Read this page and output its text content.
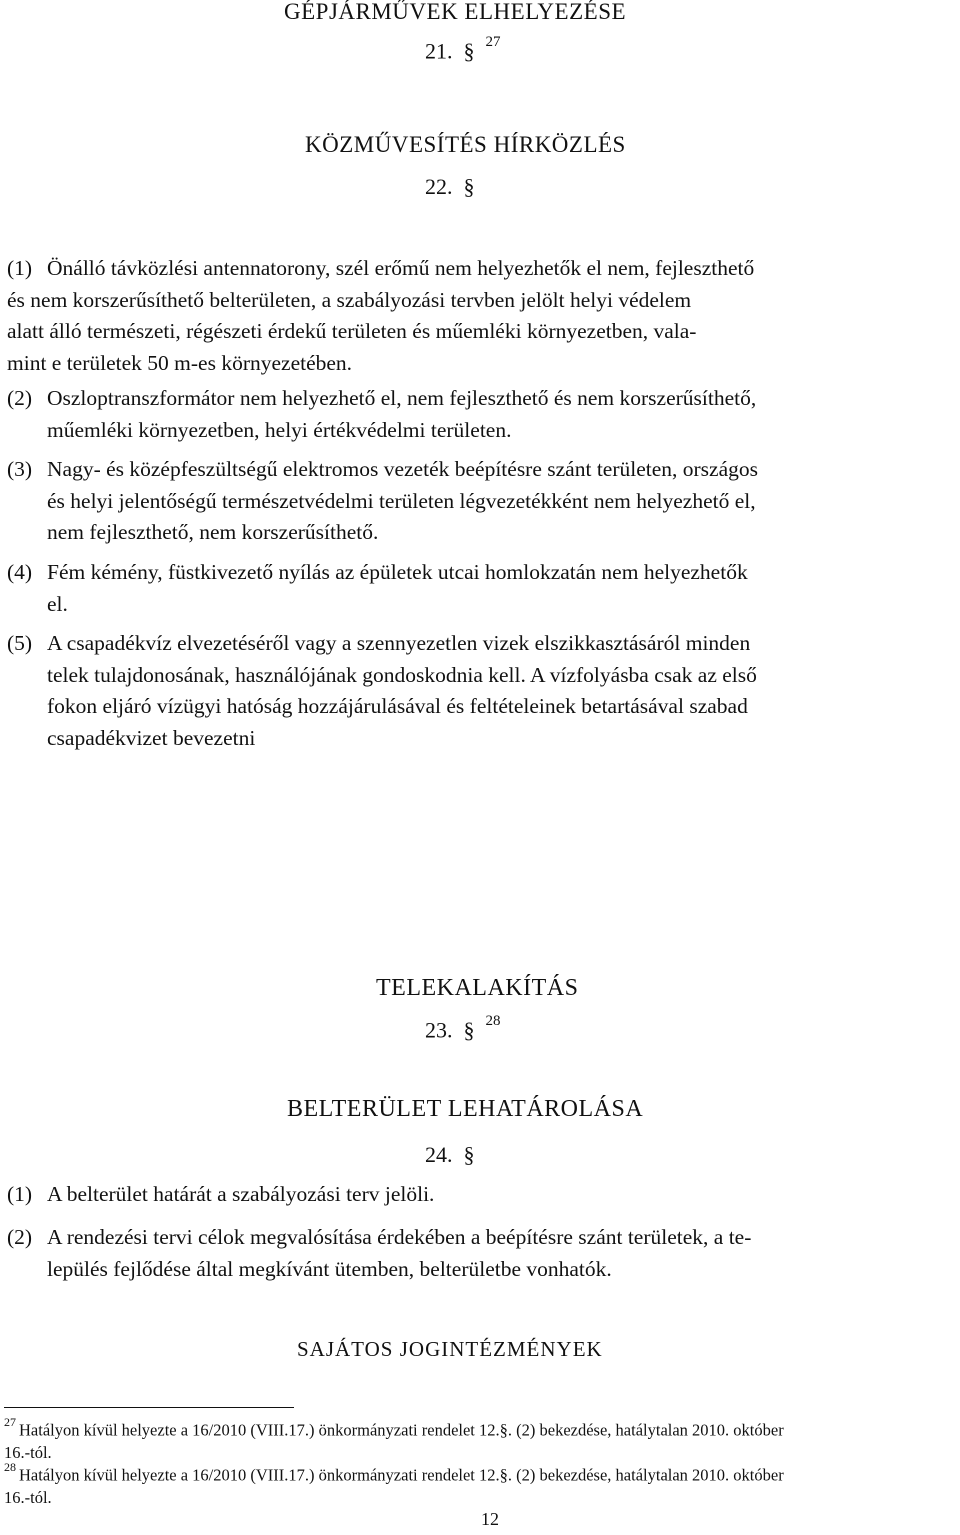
GÉPJÁRMŰVEK ELHELYEZÉSE
21. § $^{27}$
KÖZMŰVESÍTÉS HÍRKÖZLÉS
22. §
(1) Önálló távközlési antennatorony, szél erőmű nem helyezhetők el nem, fejleszthető
és nem korszerűsíthető belterületen, a szabályozási tervben jelölt helyi védelem
alatt álló természeti, régészeti érdekű területen és műemléki környezetben, vala-
mint e területek 50 m-es környezetében.
(2) Oszloptranszformátor nem helyezhető el, nem fejleszthető és nem korszerűsíthető,
műemléki környezetben, helyi értékvédelmi területen.
(3) Nagy- és középfeszültségű elektromos vezeték beépítésre szánt területen, országos
és helyi jelentőségű természetvédelmi területen légvezetékként nem helyezhető el,
nem fejleszthető, nem korszerűsíthető.
(4) Fém kémény, füstkivezető nyílás az épületek utcai homlokzatán nem helyezhetők
el.
(5) A csapadékvíz elvezetéséről vagy a szennyezetlen vizek elszikkasztásáról minden
telek tulajdonosának, használójának gondoskodnia kell. A vízfolyásba csak az első
fokon eljáró vízügyi hatóság hozzájárulásával és feltételeinek betartásával szabad
csapadékvizet bevezetni
TELEKALAKÍTÁS
23. § $^{28}$
BELTERÜLET LEHATÁROLÁSA
24. §
(1) A belterület határát a szabályozási terv jelöli.
(2) A rendezési tervi célok megvalósítása érdekében a beépítésre szánt területek, a te-
lepülés fejlődése által megkívánt ütemben, belterületbe vonhatók.
SAJÁTOS JOGINTÉZMÉNYEK
$^{27}$ Hatályon kívül helyezte a 16/2010 (VIII.17.) önkormányzati rendelet 12.§. (2) bekezdése, hatálytalan 2010. október
16.-tól.
$^{28}$ Hatályon kívül helyezte a 16/2010 (VIII.17.) önkormányzati rendelet 12.§. (2) bekezdése, hatálytalan 2010. október
16.-tól.
12
